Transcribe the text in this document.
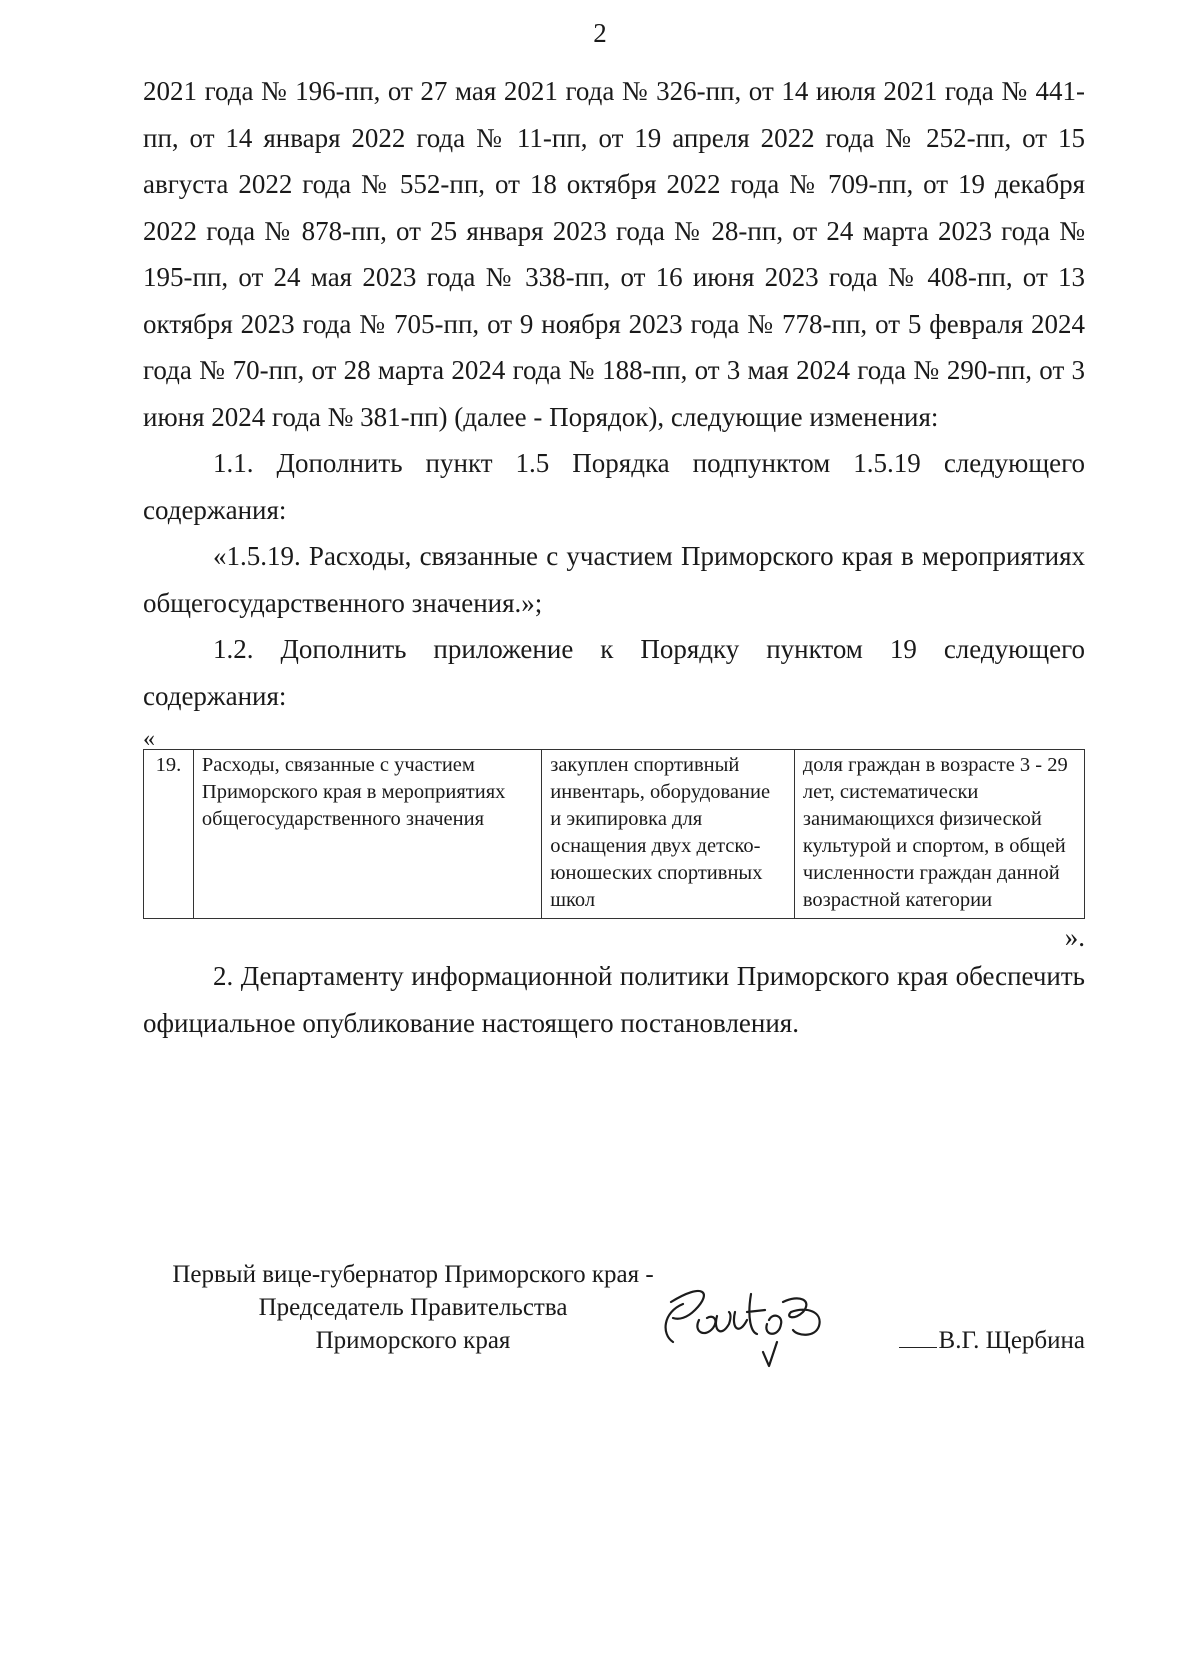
2

2021 года № 196-пп, от 27 мая 2021 года № 326-пп, от 14 июля 2021 года № 441-пп, от 14 января 2022 года № 11-пп, от 19 апреля 2022 года № 252-пп, от 15 августа 2022 года № 552-пп, от 18 октября 2022 года № 709-пп, от 19 декабря 2022 года № 878-пп, от 25 января 2023 года № 28-пп, от 24 марта 2023 года № 195-пп, от 24 мая 2023 года № 338-пп, от 16 июня 2023 года № 408-пп, от 13 октября 2023 года № 705-пп, от 9 ноября 2023 года № 778-пп, от 5 февраля 2024 года № 70-пп, от 28 марта 2024 года № 188-пп, от 3 мая 2024 года № 290-пп, от 3 июня 2024 года № 381-пп) (далее - Порядок), следующие изменения:

1.1. Дополнить пункт 1.5 Порядка подпунктом 1.5.19 следующего содержания:

«1.5.19. Расходы, связанные с участием Приморского края в мероприятиях общегосударственного значения.»;

1.2. Дополнить приложение к Порядку пунктом 19 следующего содержания:

«
19.	Расходы, связанные с участием Приморского края в мероприятиях общегосударственного значения	закуплен спортивный инвентарь, оборудование и экипировка для оснащения двух детско-юношеских спортивных школ	доля граждан в возрасте 3 - 29 лет, систематически занимающихся физической культурой и спортом, в общей численности граждан данной возрастной категории
».

2. Департаменту информационной политики Приморского края обеспечить официальное опубликование настоящего постановления.

Первый вице-губернатор Приморского края -
Председатель Правительства
Приморского края	В.Г. Щербина
